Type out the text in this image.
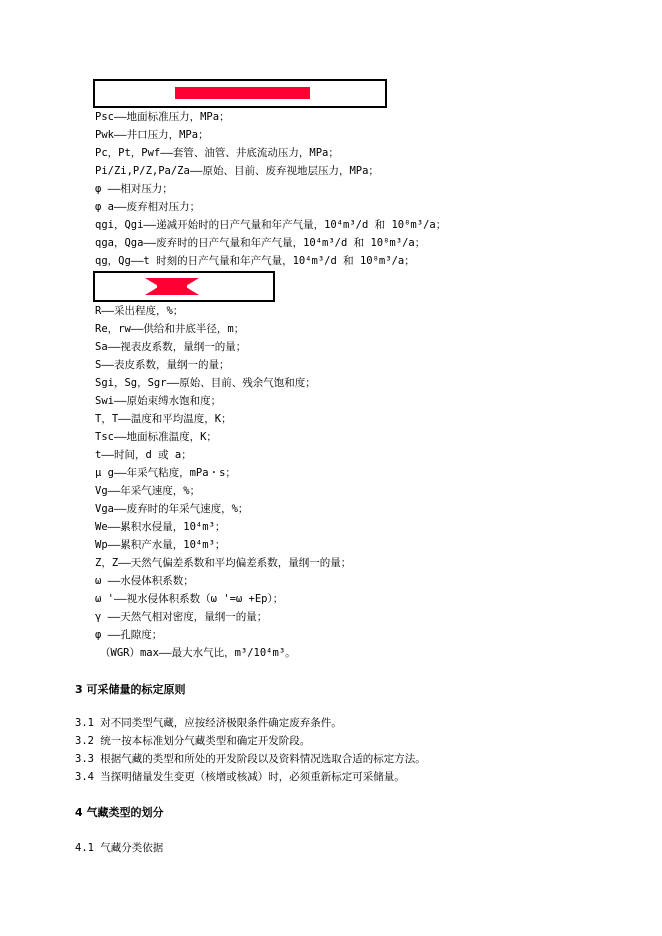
Psc——地面标准压力，MPa；
Pwk——井口压力，MPa；
Pc，Pt，Pwf——套管、油管、井底流动压力，MPa；
Pi/Zi,P/Z,Pa/Za——原始、目前、废弃视地层压力，MPa；
φ ——相对压力；
φ a——废弃相对压力；
qgi，Qgi——递减开始时的日产气量和年产气量，10⁴m³/d 和 10⁸m³/a；
qga，Qga——废弃时的日产气量和年产气量，10⁴m³/d 和 10⁸m³/a；
qg，Qg——t 时刻的日产气量和年产气量，10⁴m³/d 和 10⁸m³/a；
R——采出程度，%；
Re，rw——供给和井底半径，m；
Sa——视表皮系数，量纲一的量；
S——表皮系数，量纲一的量；
Sgi，Sg，Sgr——原始、目前、残余气饱和度；
Swi——原始束缚水饱和度；
T，T——温度和平均温度，K；
Tsc——地面标准温度，K；
t——时间，d 或 a；
μ g——年采气粘度，mPa・s；
Vg——年采气速度，%；
Vga——废弃时的年采气速度，%；
We——累积水侵量，10⁴m³；
Wp——累积产水量，10⁴m³；
Z，Z——天然气偏差系数和平均偏差系数，量纲一的量；
ω ——水侵体积系数；
ω '——视水侵体积系数（ω '=ω +Ep）；
γ ——天然气相对密度，量纲一的量；
φ ——孔隙度；
（WGR）max——最大水气比，m³/10⁴m³。
3 可采储量的标定原则
3.1 对不同类型气藏，应按经济极限条件确定废弃条件。
3.2 统一按本标准划分气藏类型和确定开发阶段。
3.3 根据气藏的类型和所处的开发阶段以及资料情况选取合适的标定方法。
3.4 当探明储量发生变更（核增或核减）时，必须重新标定可采储量。
4 气藏类型的划分
4.1 气藏分类依据
